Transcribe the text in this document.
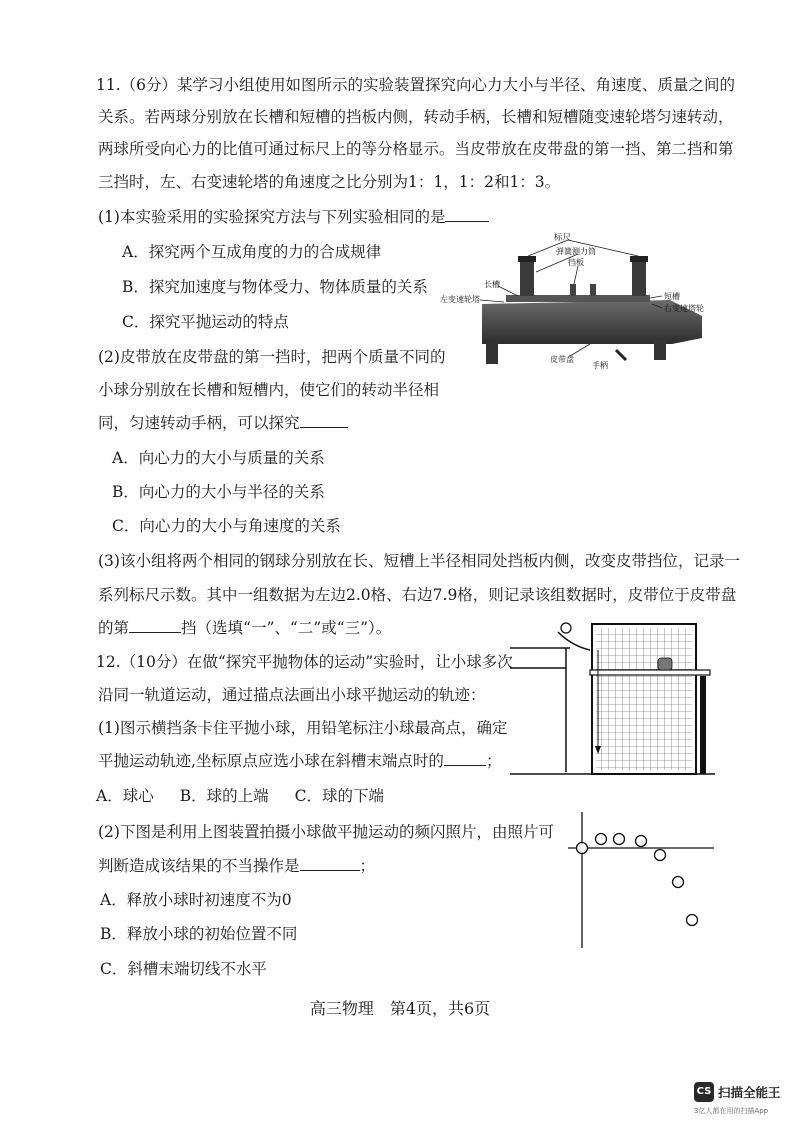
11.（6分）某学习小组使用如图所示的实验装置探究向心力大小与半径、角速度、质量之间的
关系。若两球分别放在长槽和短槽的挡板内侧，转动手柄，长槽和短槽随变速轮塔匀速转动，
两球所受向心力的比值可通过标尺上的等分格显示。当皮带放在皮带盘的第一挡、第二挡和第
三挡时，左、右变速轮塔的角速度之比分别为1：1，1：2和1：3。
(1)本实验采用的实验探究方法与下列实验相同的是
A．探究两个互成角度的力的合成规律
B．探究加速度与物体受力、物体质量的关系
C．探究平抛运动的特点
标尺
弹簧测力筒
挡板
长槽
左变速轮塔	短槽
右变速塔轮
皮带盘
手柄
(2)皮带放在皮带盘的第一挡时，把两个质量不同的
小球分别放在长槽和短槽内，使它们的转动半径相
同，匀速转动手柄，可以探究
A．向心力的大小与质量的关系
B．向心力的大小与半径的关系
C．向心力的大小与角速度的关系
(3)该小组将两个相同的钢球分别放在长、短槽上半径相同处挡板内侧，改变皮带挡位，记录一
系列标尺示数。其中一组数据为左边2.0格、右边7.9格，则记录该组数据时，皮带位于皮带盘
的第	挡（选填“一”、“二”或“三”）。
12.（10分）在做“探究平抛物体的运动”实验时，让小球多次
沿同一轨道运动，通过描点法画出小球平抛运动的轨迹：
(1)图示横挡条卡住平抛小球，用铅笔标注小球最高点，确定
平抛运动轨迹,坐标原点应选小球在斜槽末端点时的	；
A．球心 B．球的上端 C．球的下端
(2)下图是利用上图装置拍摄小球做平抛运动的频闪照片，由照片可
判断造成该结果的不当操作是	；
A．释放小球时初速度不为0
B．释放小球的初始位置不同
C．斜槽末端切线不水平
高三物理　第4页，共6页
CS 扫描全能王
3亿人都在用的扫描App
